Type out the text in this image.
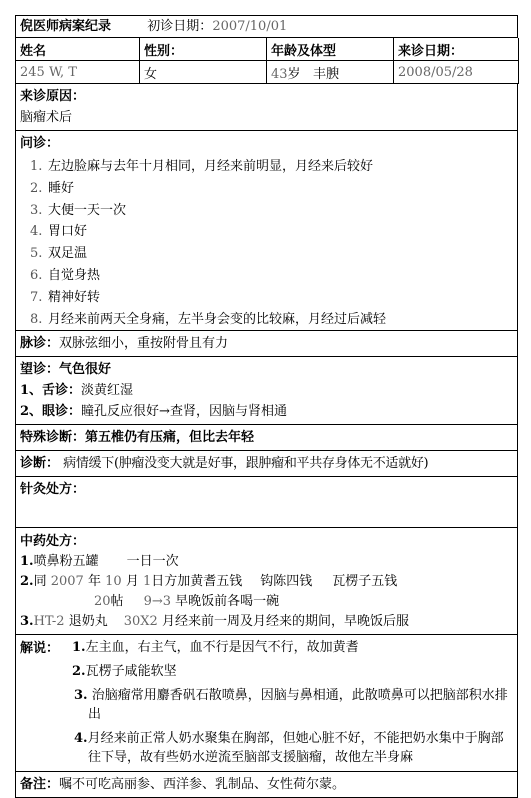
倪医师病案纪录	初诊日期：2007/10/01
姓名	性别：	年龄及体型	来诊日期：
245 W, T	女	43岁 丰腴	2008/05/28
来诊原因：
脑瘤术后
问诊：
1. 左边脸麻与去年十月相同，月经来前明显，月经来后较好
2. 睡好
3. 大便一天一次
4. 胃口好
5. 双足温
6. 自觉身热
7. 精神好转
8. 月经来前两天全身痛，左半身会变的比较麻，月经过后减轻
脉诊：双脉弦细小，重按附骨且有力
望诊：气色很好
1、舌诊：淡黄红湿
2、眼诊：瞳孔反应很好→查肾，因脑与肾相通
特殊诊断：第五椎仍有压痛，但比去年轻
诊断： 病情缓下(肿瘤没变大就是好事，跟肿瘤和平共存身体无不适就好)
针灸处方：
中药处方：
1.喷鼻粉五罐 一日一次
2.同 2007 年 10 月 1日方加黄耆五钱 钩陈四钱 瓦楞子五钱
20帖 9→3 早晚饭前各喝一碗
3.HT-2 退奶丸 30X2 月经来前一周及月经来的期间，早晚饭后服
解说： 1.左主血，右主气，血不行是因气不行，故加黄耆
2.瓦楞子咸能软坚
3. 治脑瘤常用麝香矾石散喷鼻，因脑与鼻相通，此散喷鼻可以把脑部积水排出
4.月经来前正常人奶水聚集在胸部，但她心脏不好，不能把奶水集中于胸部往下导，故有些奶水逆流至脑部支援脑瘤，故他左半身麻
备注：嘱不可吃高丽参、西洋参、乳制品、女性荷尔蒙。
